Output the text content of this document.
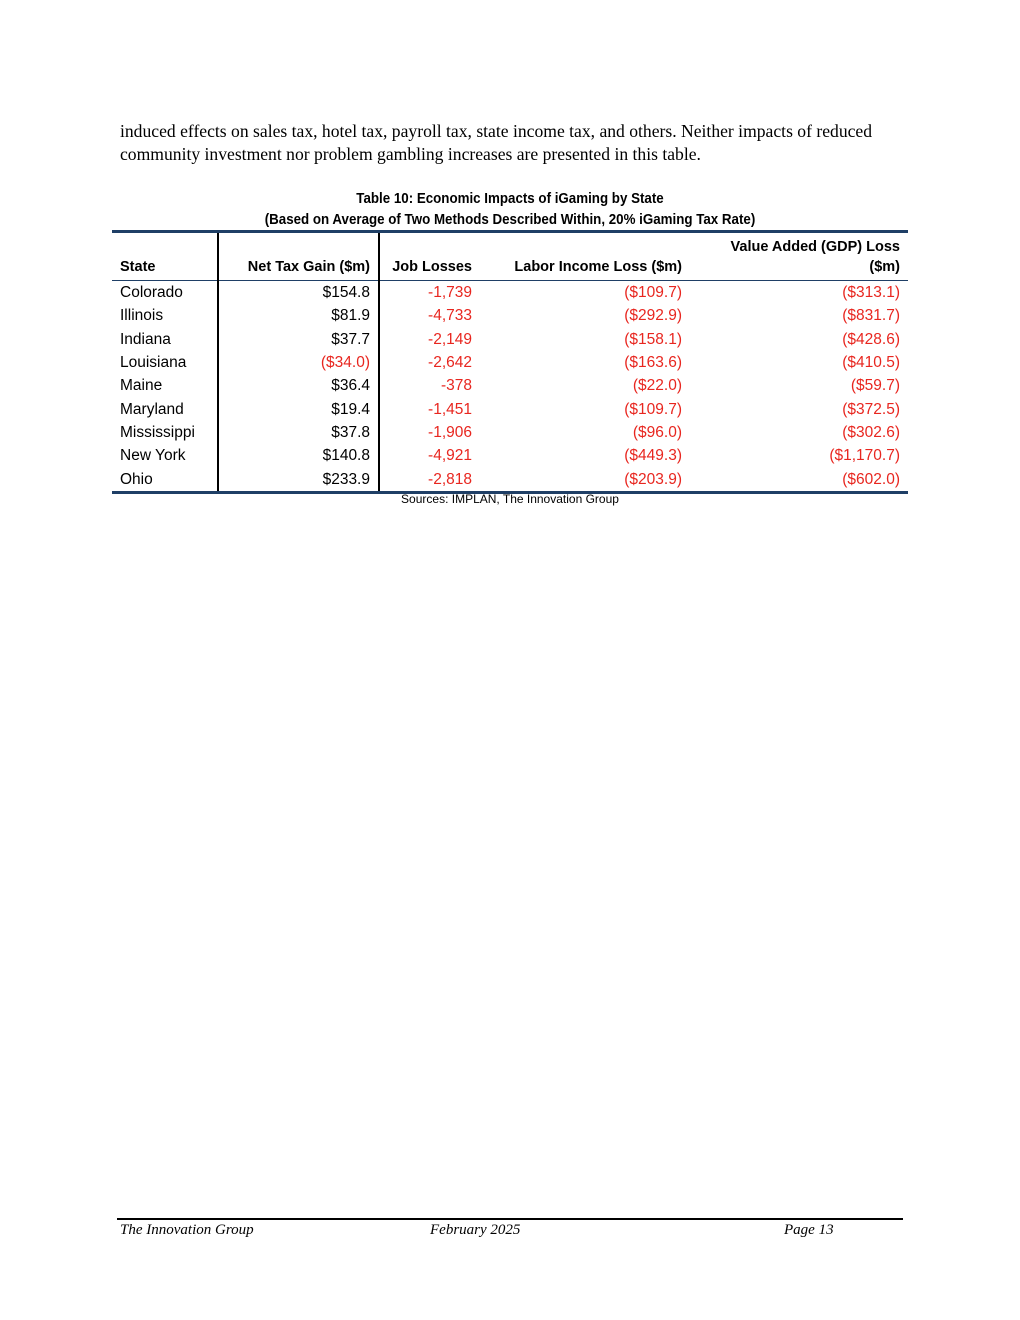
induced effects on sales tax, hotel tax, payroll tax, state income tax, and others. Neither impacts of reduced community investment nor problem gambling increases are presented in this table.

Table 10: Economic Impacts of iGaming by State
(Based on Average of Two Methods Described Within, 20% iGaming Tax Rate)
State	Net Tax Gain ($m)	Job Losses	Labor Income Loss ($m)	Value Added (GDP) Loss
($m)

Colorado	$154.8	-1,739	($109.7)	($313.1)
Illinois	$81.9	-4,733	($292.9)	($831.7)
Indiana	$37.7	-2,149	($158.1)	($428.6)
Louisiana	($34.0)	-2,642	($163.6)	($410.5)
Maine	$36.4	-378	($22.0)	($59.7)
Maryland	$19.4	-1,451	($109.7)	($372.5)
Mississippi	$37.8	-1,906	($96.0)	($302.6)
New York	$140.8	-4,921	($449.3)	($1,170.7)
Ohio	$233.9	-2,818	($203.9)	($602.0)
Sources: IMPLAN, The Innovation Group
The Innovation Group	February 2025	Page 13
